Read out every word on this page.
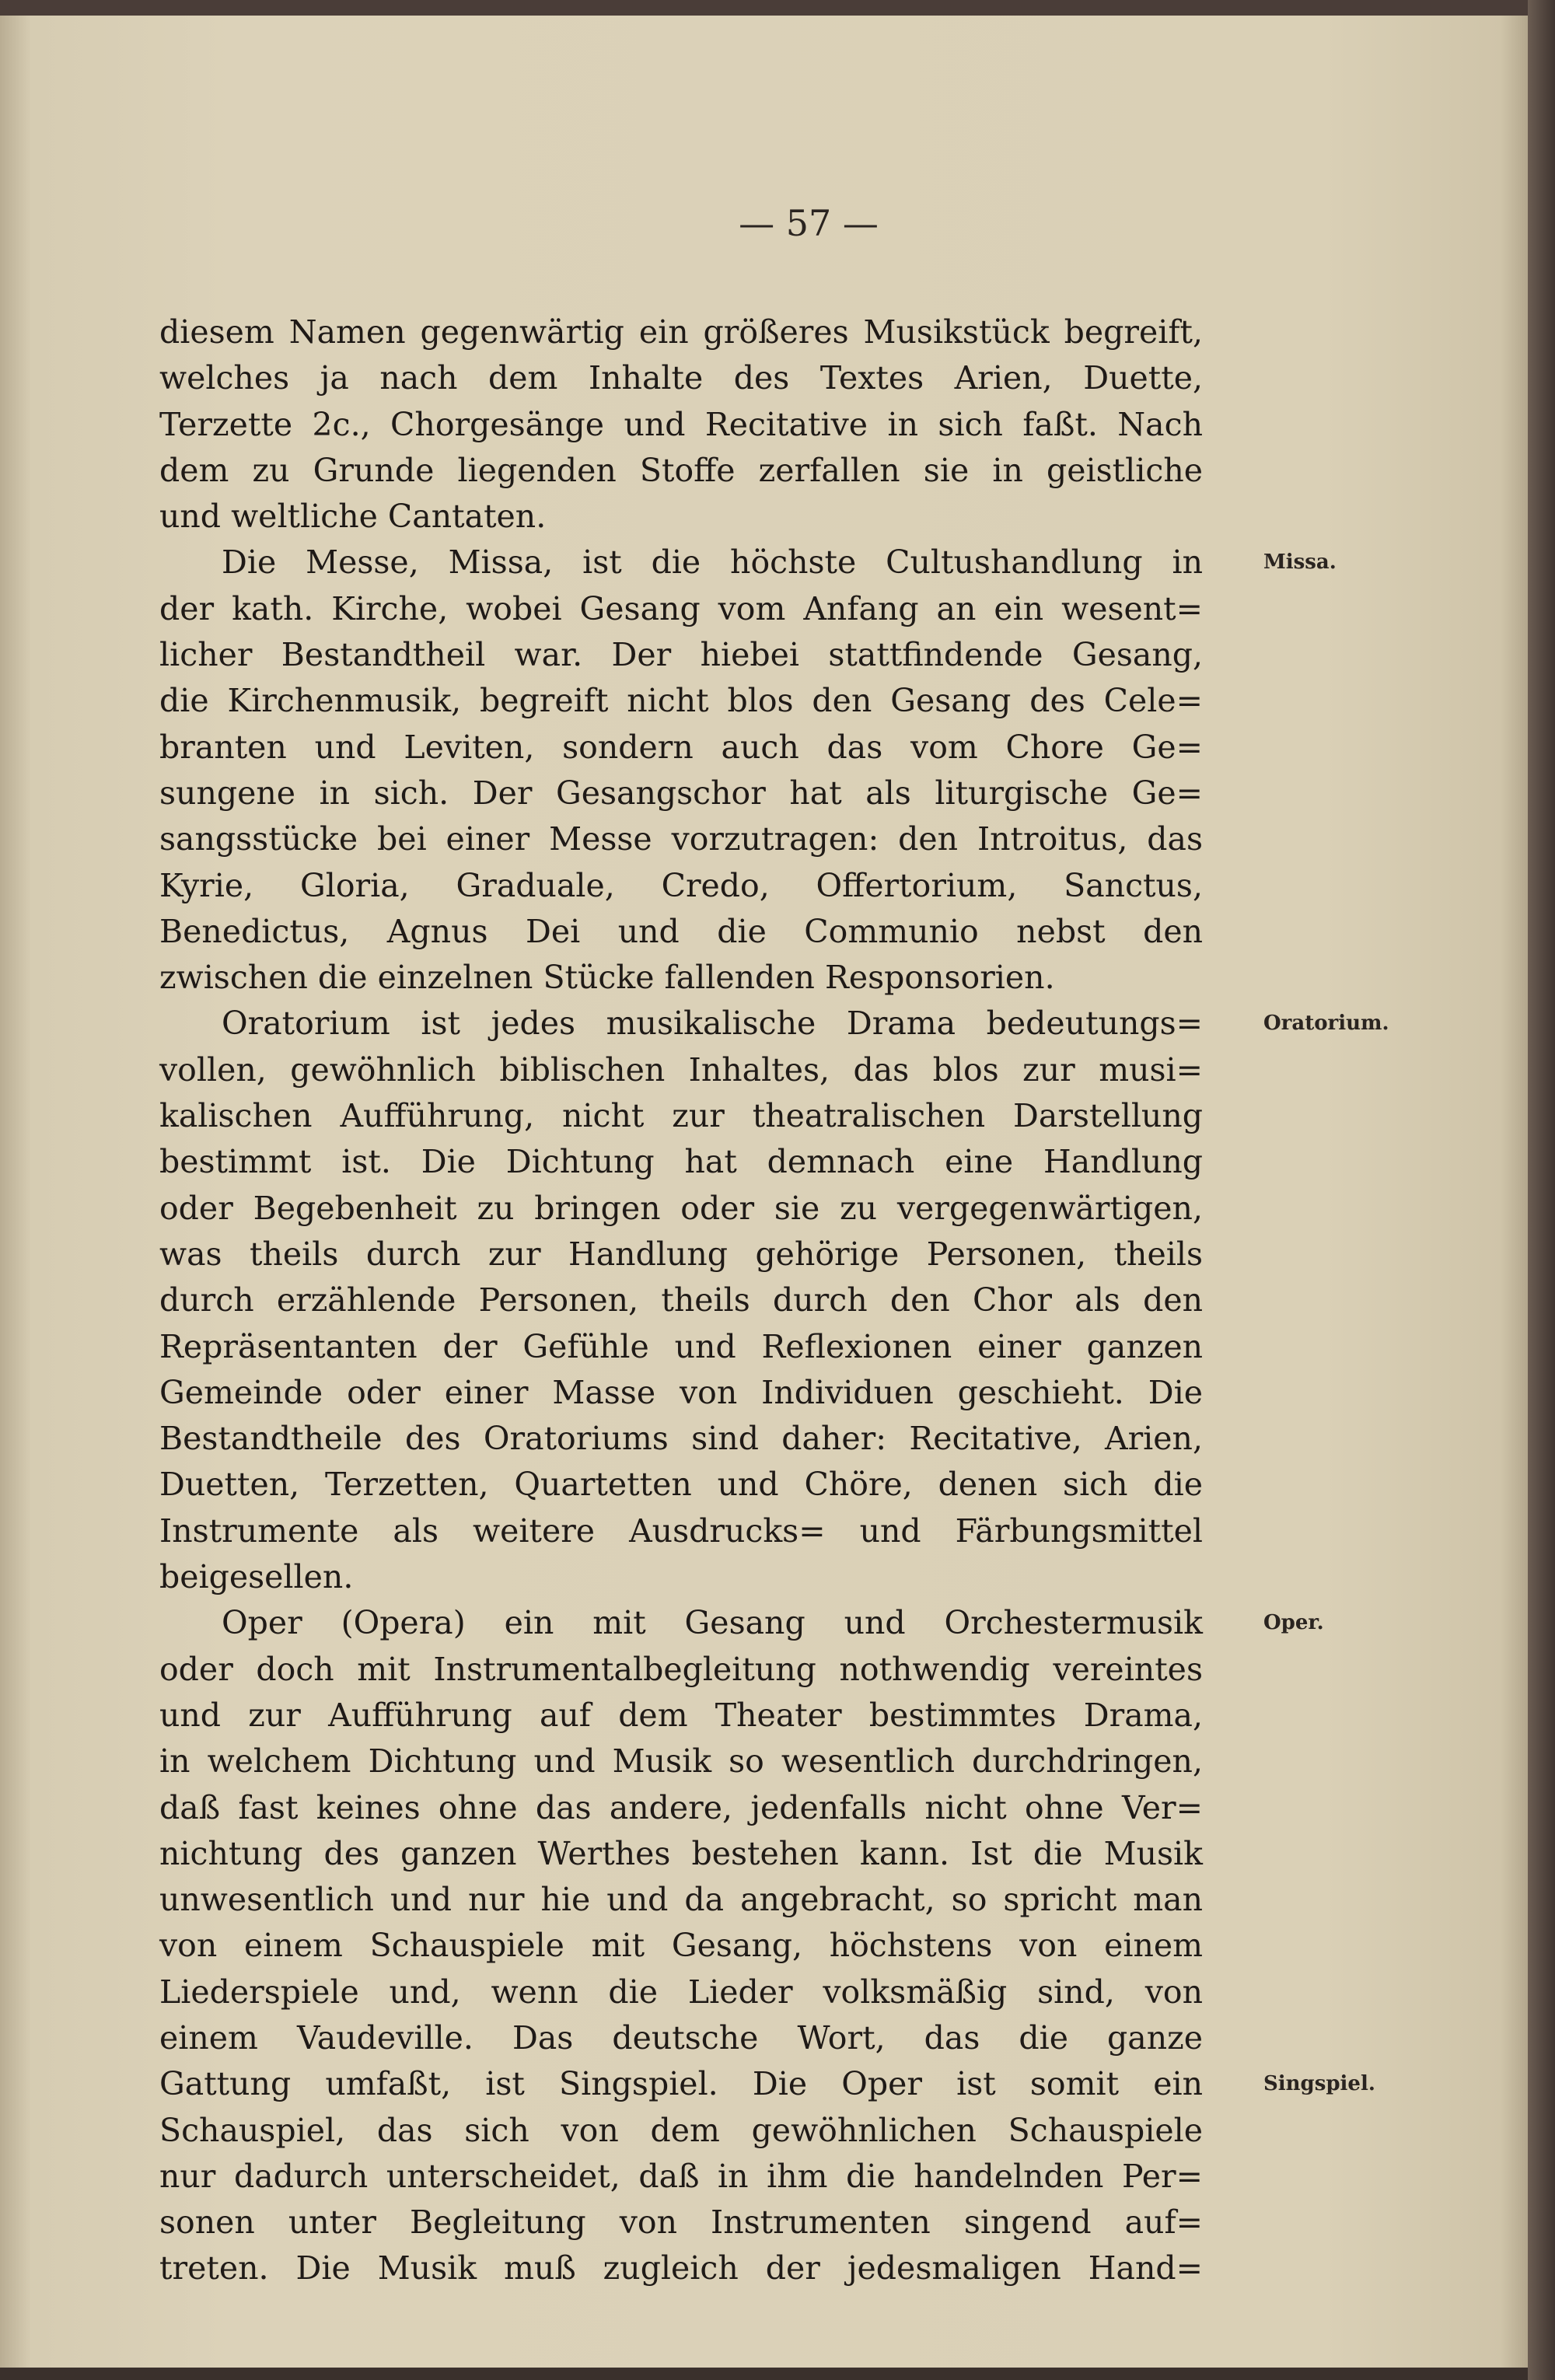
— 57 —
diesem Namen gegenwärtig ein größeres Musikstück begreift,
welches ja nach dem Inhalte des Textes Arien, Duette,
Terzette 2c., Chorgesänge und Recitative in sich faßt. Nach
dem zu Grunde liegenden Stoffe zerfallen sie in geistliche
und weltliche Cantaten.
Die Messe, Missa, ist die höchste Cultushandlung in	Missa.
der kath. Kirche, wobei Gesang vom Anfang an ein wesent=
licher Bestandtheil war. Der hiebei stattfindende Gesang,
die Kirchenmusik, begreift nicht blos den Gesang des Cele=
branten und Leviten, sondern auch das vom Chore Ge=
sungene in sich. Der Gesangschor hat als liturgische Ge=
sangsstücke bei einer Messe vorzutragen: den Introitus, das
Kyrie, Gloria, Graduale, Credo, Offertorium, Sanctus,
Benedictus, Agnus Dei und die Communio nebst den
zwischen die einzelnen Stücke fallenden Responsorien.
Oratorium ist jedes musikalische Drama bedeutungs=	Oratorium.
vollen, gewöhnlich biblischen Inhaltes, das blos zur musi=
kalischen Aufführung, nicht zur theatralischen Darstellung
bestimmt ist. Die Dichtung hat demnach eine Handlung
oder Begebenheit zu bringen oder sie zu vergegenwärtigen,
was theils durch zur Handlung gehörige Personen, theils
durch erzählende Personen, theils durch den Chor als den
Repräsentanten der Gefühle und Reflexionen einer ganzen
Gemeinde oder einer Masse von Individuen geschieht. Die
Bestandtheile des Oratoriums sind daher: Recitative, Arien,
Duetten, Terzetten, Quartetten und Chöre, denen sich die
Instrumente als weitere Ausdrucks= und Färbungsmittel
beigesellen.
Oper (Opera) ein mit Gesang und Orchestermusik	Oper.
oder doch mit Instrumentalbegleitung nothwendig vereintes
und zur Aufführung auf dem Theater bestimmtes Drama,
in welchem Dichtung und Musik so wesentlich durchdringen,
daß fast keines ohne das andere, jedenfalls nicht ohne Ver=
nichtung des ganzen Werthes bestehen kann. Ist die Musik
unwesentlich und nur hie und da angebracht, so spricht man
von einem Schauspiele mit Gesang, höchstens von einem
Liederspiele und, wenn die Lieder volksmäßig sind, von
einem Vaudeville. Das deutsche Wort, das die ganze
Gattung umfaßt, ist Singspiel. Die Oper ist somit ein	Singspiel.
Schauspiel, das sich von dem gewöhnlichen Schauspiele
nur dadurch unterscheidet, daß in ihm die handelnden Per=
sonen unter Begleitung von Instrumenten singend auf=
treten. Die Musik muß zugleich der jedesmaligen Hand=
